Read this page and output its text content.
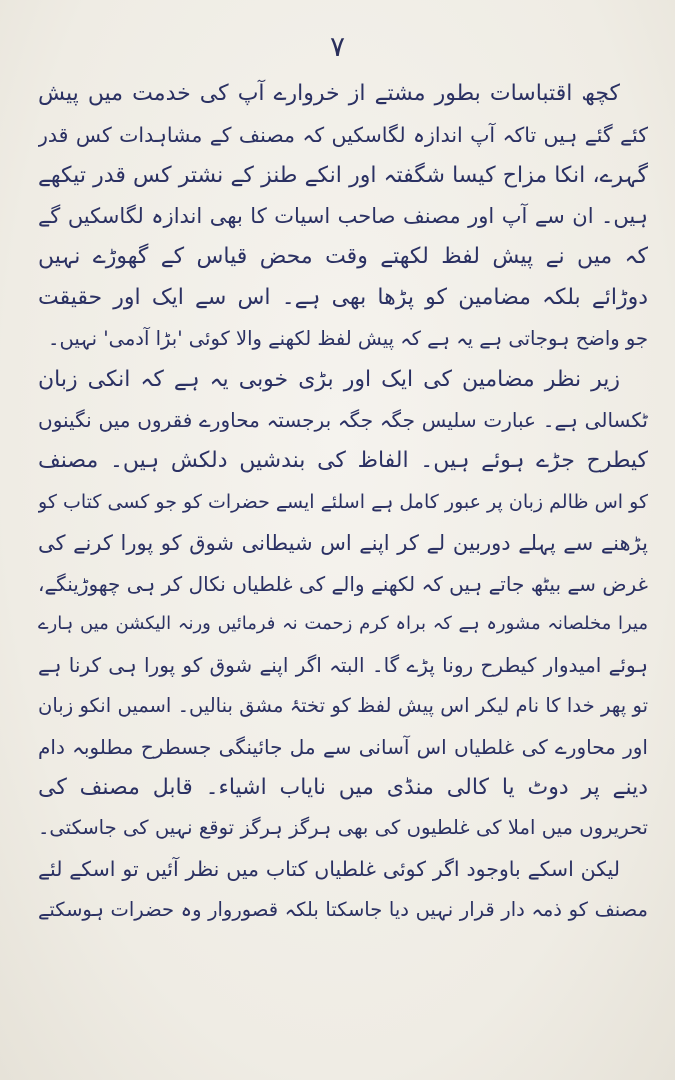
۷
کچھ اقتباسات بطور مشتے از خروارے آپ کی خدمت میں پیش
کئے گئے ہیں تاکہ آپ اندازہ لگاسکیں کہ مصنف کے مشاہدات کس قدر
گہرے، انکا مزاح کیسا شگفتہ اور انکے طنز کے نشتر کس قدر تیکھے
ہیں۔ ان سے آپ اور مصنف صاحب اسیات کا بھی اندازہ لگاسکیں گے
کہ میں نے پیش لفظ لکھتے وقت محض قیاس کے گھوڑے نہیں
دوڑائے بلکہ مضامین کو پڑھا بھی ہے۔ اس سے ایک اور حقیقت
جو واضح ہوجاتی ہے یہ ہے کہ پیش لفظ لکھنے والا کوئی 'بڑا آدمی' نہیں۔
زیر نظر مضامین کی ایک اور بڑی خوبی یہ ہے کہ انکی زبان
ٹکسالی ہے۔ عبارت سلیس جگہ جگہ برجستہ محاورے فقروں میں نگینوں
کیطرح جڑے ہوئے ہیں۔ الفاظ کی بندشیں دلکش ہیں۔ مصنف
کو اس ظالم زبان پر عبور کامل ہے اسلئے ایسے حضرات کو جو کسی کتاب کو
پڑھنے سے پہلے دوربین لے کر اپنے اس شیطانی شوق کو پورا کرنے کی
غرض سے بیٹھ جاتے ہیں کہ لکھنے والے کی غلطیاں نکال کر ہی چھوڑینگے،
میرا مخلصانہ مشورہ ہے کہ براہ کرم زحمت نہ فرمائیں ورنہ الیکشن میں ہارے
ہوئے امیدوار کیطرح رونا پڑے گا۔ البتہ اگر اپنے شوق کو پورا ہی کرنا ہے
تو پھر خدا کا نام لیکر اس پیش لفظ کو تختۂ مشق بنالیں۔ اسمیں انکو زبان
اور محاورے کی غلطیاں اس آسانی سے مل جائینگی جسطرح مطلوبہ دام
دینے پر دوٹ یا کالی منڈی میں نایاب اشیاء۔ قابل مصنف کی
تحریروں میں املا کی غلطیوں کی بھی ہرگز ہرگز توقع نہیں کی جاسکتی۔
لیکن اسکے باوجود اگر کوئی غلطیاں کتاب میں نظر آئیں تو اسکے لئے
مصنف کو ذمہ دار قرار نہیں دیا جاسکتا بلکہ قصوروار وہ حضرات ہوسکتے
